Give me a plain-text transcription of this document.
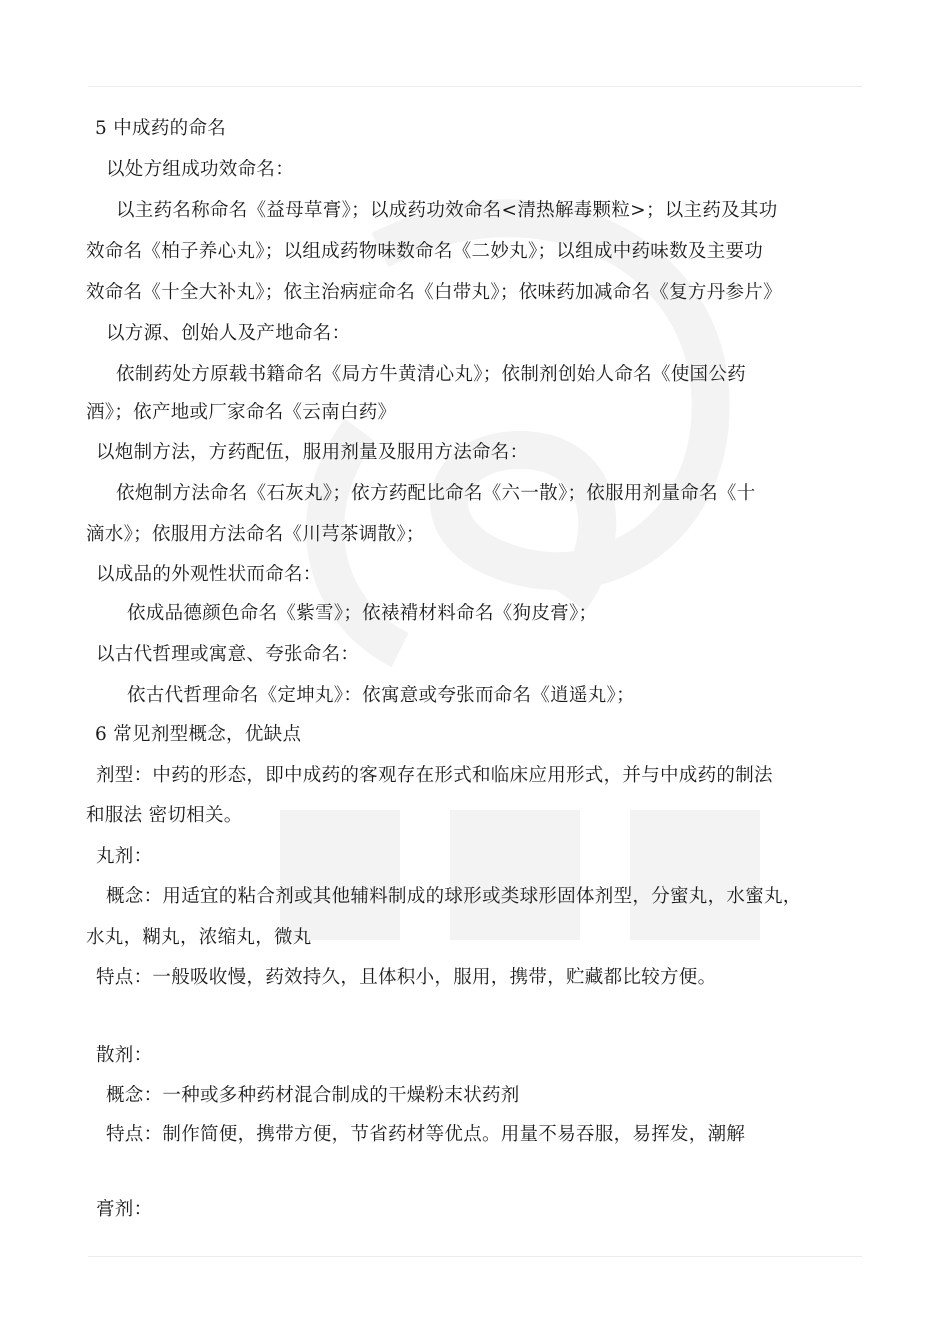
5 中成药的命名
以处方组成功效命名：
以主药名称命名《益母草膏》；以成药功效命名<清热解毒颗粒>；以主药及其功
效命名《柏子养心丸》；以组成药物味数命名《二妙丸》；以组成中药味数及主要功
效命名《十全大补丸》；依主治病症命名《白带丸》；依味药加减命名《复方丹参片》
以方源、创始人及产地命名：
依制药处方原载书籍命名《局方牛黄清心丸》；依制剂创始人命名《使国公药
酒》；依产地或厂家命名《云南白药》
以炮制方法，方药配伍，服用剂量及服用方法命名：
依炮制方法命名《石灰丸》；依方药配比命名《六一散》；依服用剂量命名《十
滴水》；依服用方法命名《川芎茶调散》；
以成品的外观性状而命名：
依成品德颜色命名《紫雪》；依裱褙材料命名《狗皮膏》；
以古代哲理或寓意、夸张命名：
依古代哲理命名《定坤丸》：依寓意或夸张而命名《逍遥丸》；
6 常见剂型概念，优缺点
剂型：中药的形态，即中成药的客观存在形式和临床应用形式，并与中成药的制法
和服法 密切相关。
丸剂：
概念：用适宜的粘合剂或其他辅料制成的球形或类球形固体剂型，分蜜丸，水蜜丸，
水丸，糊丸，浓缩丸，微丸
特点：一般吸收慢，药效持久，且体积小，服用，携带，贮藏都比较方便。
散剂：
概念：一种或多种药材混合制成的干燥粉末状药剂
特点：制作简便，携带方便，节省药材等优点。用量不易吞服，易挥发，潮解
膏剂：
